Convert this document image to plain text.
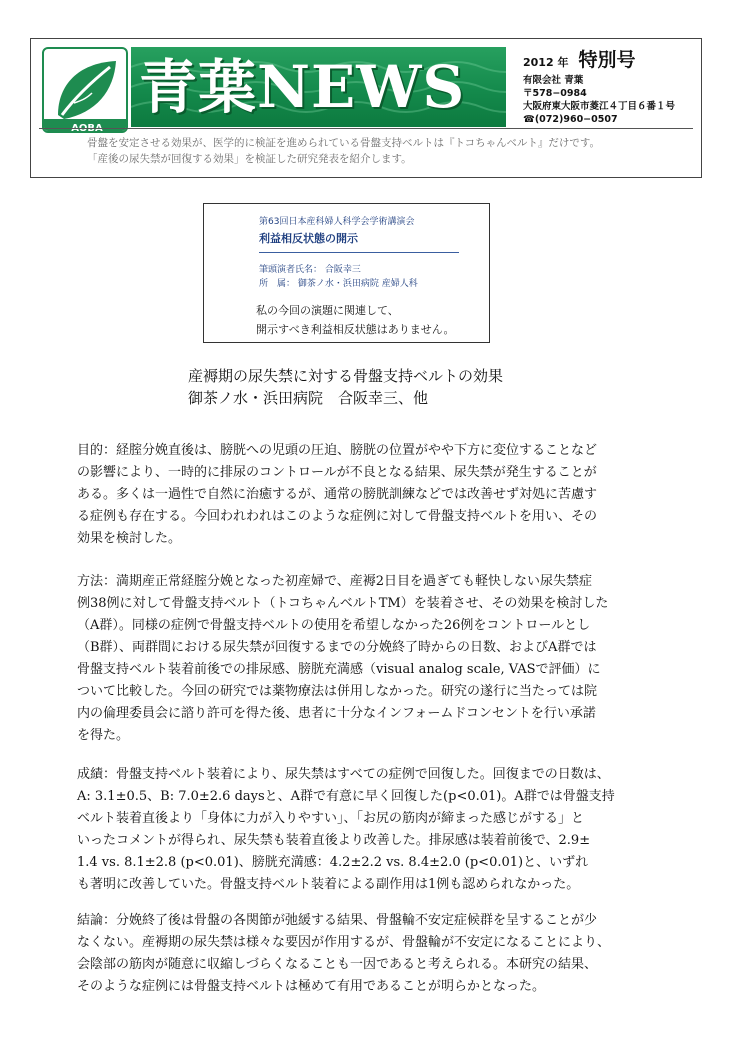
AOBA
青葉NEWS	2012 年 特別号
有限会社 青葉
〒578−0984
大阪府東大阪市菱江４丁目６番１号
☎(072)960−0507
骨盤を安定させる効果が、医学的に検証を進められている骨盤支持ベルトは『トコちゃんベルト』だけです。
「産後の尿失禁が回復する効果」を検証した研究発表を紹介します。
第63回日本産科婦人科学会学術講演会
利益相反状態の開示
筆頭演者氏名： 合阪幸三
所　属： 御茶ノ水・浜田病院 産婦人科
私の今回の演題に関連して、
開示すべき利益相反状態はありません。
産褥期の尿失禁に対する骨盤支持ベルトの効果
御茶ノ水・浜田病院　合阪幸三、他
目的：経腟分娩直後は、膀胱への児頭の圧迫、膀胱の位置がやや下方に変位することなど
の影響により、一時的に排尿のコントロールが不良となる結果、尿失禁が発生することが
ある。多くは一過性で自然に治癒するが、通常の膀胱訓練などでは改善せず対処に苦慮す
る症例も存在する。今回われわれはこのような症例に対して骨盤支持ベルトを用い、その
効果を検討した。
方法：満期産正常経腟分娩となった初産婦で、産褥2日目を過ぎても軽快しない尿失禁症
例38例に対して骨盤支持ベルト（トコちゃんベルトTM）を装着させ、その効果を検討した
（A群）。同様の症例で骨盤支持ベルトの使用を希望しなかった26例をコントロールとし
（B群）、両群間における尿失禁が回復するまでの分娩終了時からの日数、およびA群では
骨盤支持ベルト装着前後での排尿感、膀胱充満感（visual analog scale, VASで評価）に
ついて比較した。今回の研究では薬物療法は併用しなかった。研究の遂行に当たっては院
内の倫理委員会に諮り許可を得た後、患者に十分なインフォームドコンセントを行い承諾
を得た。
成績：骨盤支持ベルト装着により、尿失禁はすべての症例で回復した。回復までの日数は、
A: 3.1±0.5、B: 7.0±2.6 daysと、A群で有意に早く回復した(p<0.01)。A群では骨盤支持
ベルト装着直後より「身体に力が入りやすい」、「お尻の筋肉が締まった感じがする」と
いったコメントが得られ、尿失禁も装着直後より改善した。排尿感は装着前後で、2.9±
1.4 vs. 8.1±2.8 (p<0.01)、膀胱充満感：4.2±2.2 vs. 8.4±2.0 (p<0.01)と、いずれ
も著明に改善していた。骨盤支持ベルト装着による副作用は1例も認められなかった。
結論：分娩終了後は骨盤の各関節が弛緩する結果、骨盤輪不安定症候群を呈することが少
なくない。産褥期の尿失禁は様々な要因が作用するが、骨盤輪が不安定になることにより、
会陰部の筋肉が随意に収縮しづらくなることも一因であると考えられる。本研究の結果、
そのような症例には骨盤支持ベルトは極めて有用であることが明らかとなった。
